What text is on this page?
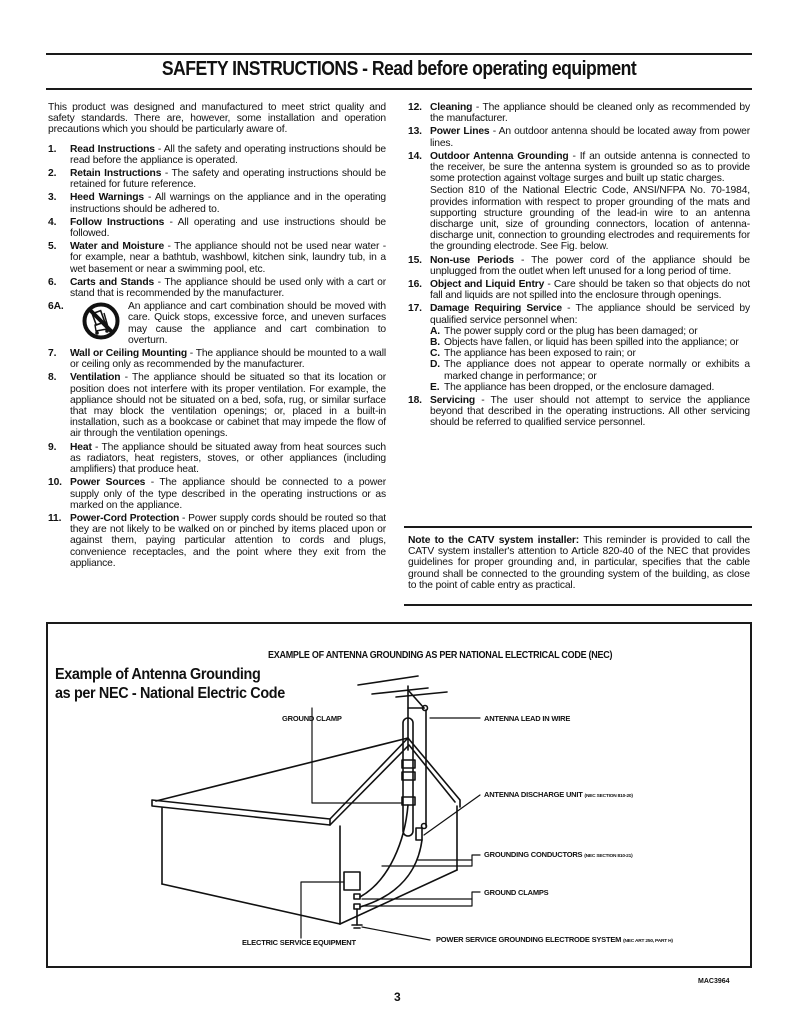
SAFETY INSTRUCTIONS - Read before operating equipment

This product was designed and manufactured to meet strict quality and safety standards. There are, however, some installation and operation precautions which you should be particularly aware of.

1.	Read Instructions - All the safety and operating instructions should be read before the appliance is operated.
2.	Retain Instructions - The safety and operating instructions should be retained for future reference.
3.	Heed Warnings - All warnings on the appliance and in the operating instructions should be adhered to.
4.	Follow Instructions - All operating and use instructions should be followed.
5.	Water and Moisture - The appliance should not be used near water - for example, near a bathtub, washbowl, kitchen sink, laundry tub, in a wet basement or near a swimming pool, etc.
6.	Carts and Stands - The appliance should be used only with a cart or stand that is recommended by the manufacturer.
6A.	An appliance and cart combination should be moved with care. Quick stops, excessive force, and uneven surfaces may cause the appliance and cart combination to overturn.
7.	Wall or Ceiling Mounting - The appliance should be mounted to a wall or ceiling only as recommended by the manufacturer.
8.	Ventilation - The appliance should be situated so that its location or position does not interfere with its proper ventilation. For example, the appliance should not be situated on a bed, sofa, rug, or similar surface that may block the ventilation openings; or, placed in a built-in installation, such as a bookcase or cabinet that may impede the flow of air through the ventilation openings.
9.	Heat - The appliance should be situated away from heat sources such as radiators, heat registers, stoves, or other appliances (including amplifiers) that produce heat.
10. Power Sources - The appliance should be connected to a power supply only of the type described in the operating instructions or as marked on the appliance.
11. Power-Cord Protection - Power supply cords should be routed so that they are not likely to be walked on or pinched by items placed upon or against them, paying particular attention to cords and plugs, convenience receptacles, and the point where they exit from the appliance.
12. Cleaning - The appliance should be cleaned only as recommended by the manufacturer.
13. Power Lines - An outdoor antenna should be located away from power lines.
14. Outdoor Antenna Grounding - If an outside antenna is connected to the receiver, be sure the antenna system is grounded so as to provide some protection against voltage surges and built up static charges.
Section 810 of the National Electric Code, ANSI/NFPA No. 70-1984, provides information with respect to proper grounding of the mats and supporting structure grounding of the lead-in wire to an antenna discharge unit, size of grounding connectors, location of antenna-discharge unit, connection to grounding electrodes and requirements for the grounding electrode. See Fig. below.
15. Non-use Periods - The power cord of the appliance should be unplugged from the outlet when left unused for a long period of time.
16. Object and Liquid Entry - Care should be taken so that objects do not fall and liquids are not spilled into the enclosure through openings.
17. Damage Requiring Service - The appliance should be serviced by qualified service personnel when:
A. The power supply cord or the plug has been damaged; or
B. Objects have fallen, or liquid has been spilled into the appliance; or
C. The appliance has been exposed to rain; or
D. The appliance does not appear to operate normally or exhibits a marked change in performance; or
E. The appliance has been dropped, or the enclosure damaged.
18. Servicing - The user should not attempt to service the appliance beyond that described in the operating instructions. All other servicing should be referred to qualified service personnel.

Note to the CATV system installer: This reminder is provided to call the CATV system installer's attention to Article 820-40 of the NEC that provides guidelines for proper grounding and, in particular, specifies that the cable ground shall be connected to the grounding system of the building, as close to the point of cable entry as practical.

EXAMPLE OF ANTENNA GROUNDING AS PER NATIONAL ELECTRICAL CODE (NEC)
Example of Antenna Grounding
as per NEC - National Electric Code
GROUND CLAMP	ANTENNA LEAD IN WIRE
ANTENNA DISCHARGE UNIT (NEC SECTION 810-20)
GROUNDING CONDUCTORS (NEC SECTION 810-21)
GROUND CLAMPS
ELECTRIC SERVICE EQUIPMENT	POWER SERVICE GROUNDING ELECTRODE SYSTEM (NEC ART 250, PART H)
MAC3964
3
